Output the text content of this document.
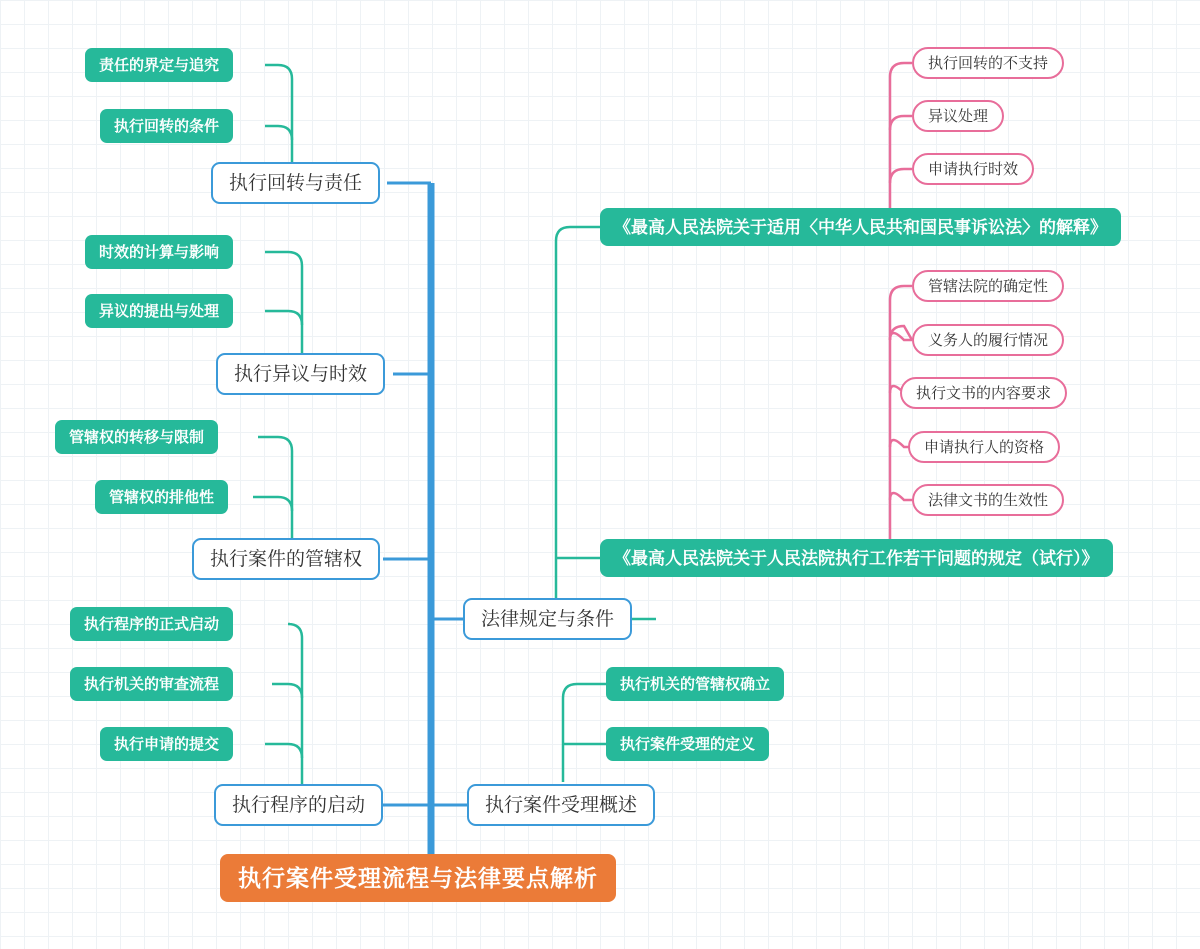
执行案件受理流程与法律要点解析
执行回转与责任
执行异议与时效
执行案件的管辖权
执行程序的启动
法律规定与条件
执行案件受理概述
责任的界定与追究
执行回转的条件
时效的计算与影响
异议的提出与处理
管辖权的转移与限制
管辖权的排他性
执行程序的正式启动
执行机关的审查流程
执行申请的提交
执行机关的管辖权确立
执行案件受理的定义
《最高人民法院关于适用〈中华人民共和国民事诉讼法〉的解释》
《最高人民法院关于人民法院执行工作若干问题的规定（试行）》
执行回转的不支持
异议处理
申请执行时效
管辖法院的确定性
义务人的履行情况
执行文书的内容要求
申请执行人的资格
法律文书的生效性
